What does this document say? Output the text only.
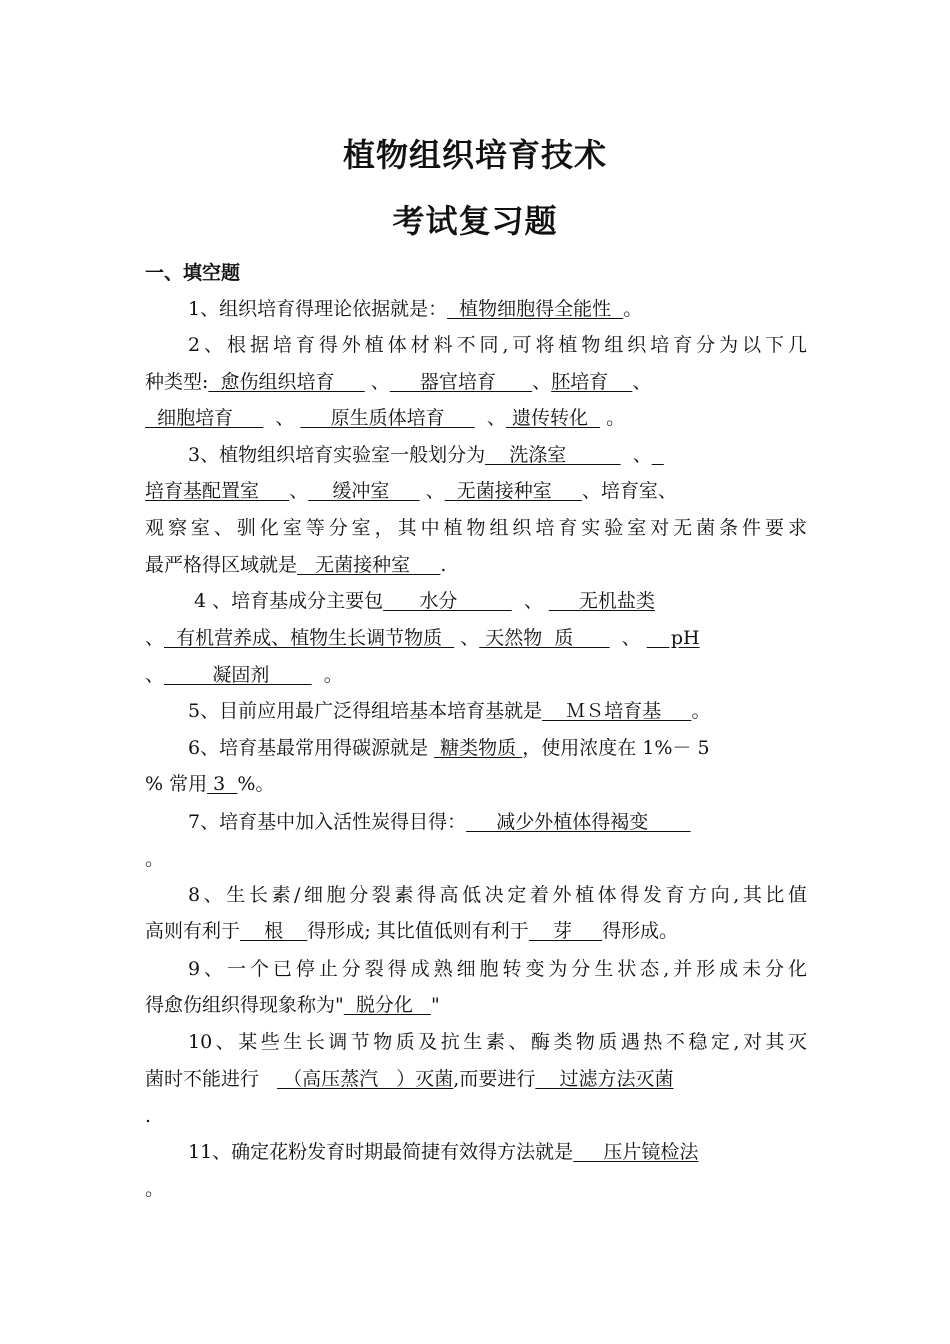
植物组织培育技术
考试复习题
一、填空题
1、组织培育得理论依据就是：  植物细胞得全能性  。
2、根据培育得外植体材料不同,可将植物组织培育分为以下几
种类型:  愈伤组织培育      、     器官培育      、胚培育    、
细胞培育       、      原生质体培育       、 遗传转化   。
3、植物组织培育实验室一般划分为    洗涤室           、
培育基配置室     、    缓冲室      、  无菌接种室     、培育室、
观察室、驯化室等分室，其中植物组织培育实验室对无菌条件要求
最严格得区域就是   无菌接种室     .
4 、培育基成分主要包      水分           、      无机盐类
、  有机营养成、植物生长调节物质   、 天然物  质        、     pH
、        凝固剂         。
5、目前应用最广泛得组培基本培育基就是    ＭＳ培育基     。
6、培育基最常用得碳源就是  糖类物质 ，使用浓度在 1%－ 5
% 常用 3  %。
7、培育基中加入活性炭得目得：     减少外植体得褐变
。
8、生长素/细胞分裂素得高低决定着外植体得发育方向,其比值
高则有利于    根    得形成; 其比值低则有利于    芽     得形成。
9、一个已停止分裂得成熟细胞转变为分生状态,并形成未分化
得愈伤组织得现象称为"  脱分化   "
10、某些生长调节物质及抗生素、酶类物质遇热不稳定,对其灭
菌时不能进行    （高压蒸汽   ）灭菌,而要进行    过滤方法灭菌
.
11、确定花粉发育时期最简捷有效得方法就是     压片镜检法
。
